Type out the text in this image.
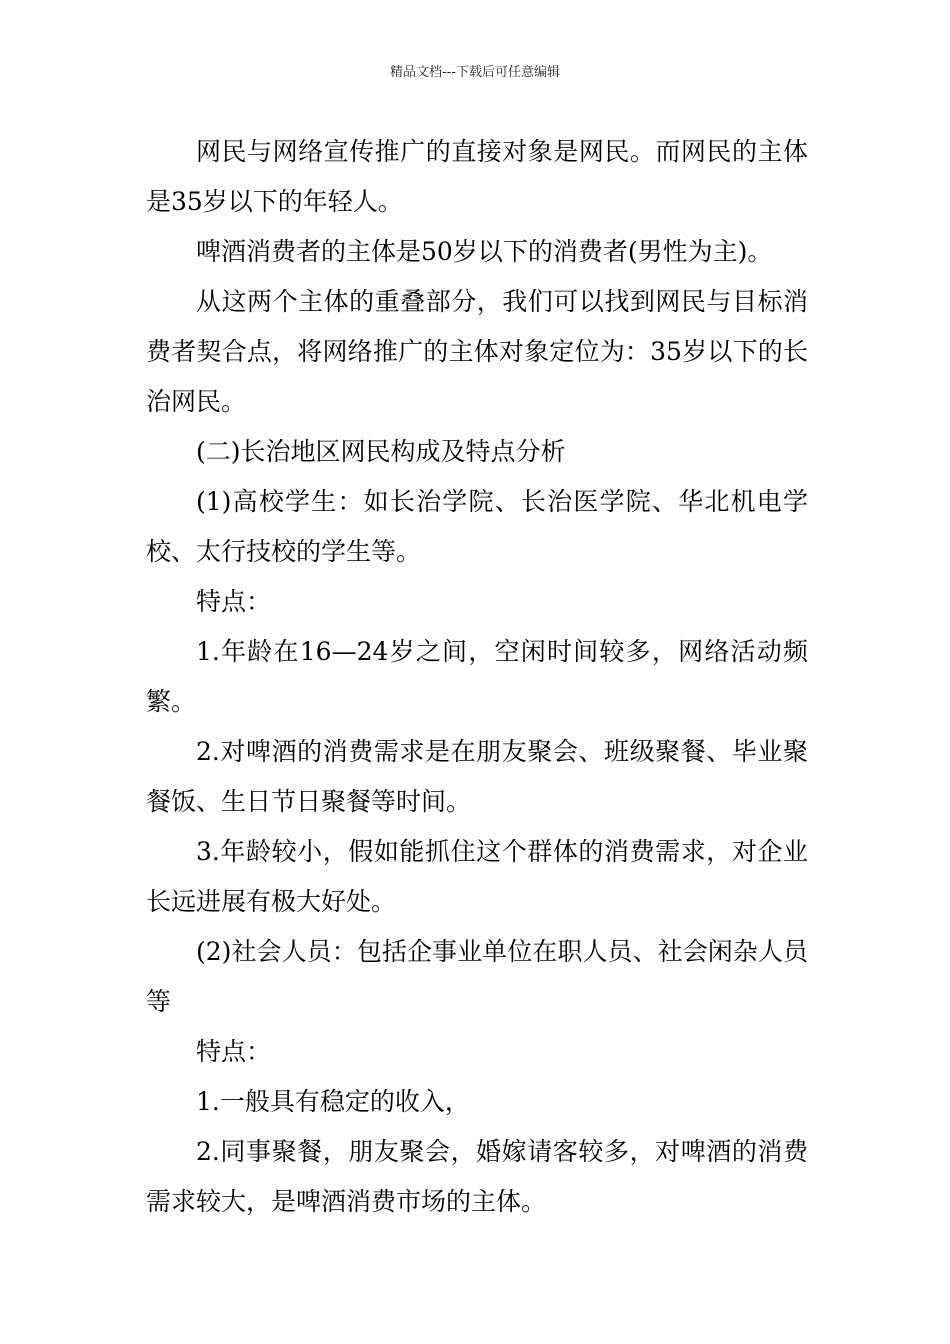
精品文档---下载后可任意编辑

网民与网络宣传推广的直接对象是网民。而网民的主体是35岁以下的年轻人。

啤酒消费者的主体是50岁以下的消费者(男性为主)。

从这两个主体的重叠部分，我们可以找到网民与目标消费者契合点，将网络推广的主体对象定位为：35岁以下的长治网民。

(二)长治地区网民构成及特点分析

(1)高校学生：如长治学院、长治医学院、华北机电学校、太行技校的学生等。

特点：

1.年龄在16—24岁之间，空闲时间较多，网络活动频繁。

2.对啤酒的消费需求是在朋友聚会、班级聚餐、毕业聚餐饭、生日节日聚餐等时间。

3.年龄较小，假如能抓住这个群体的消费需求，对企业长远进展有极大好处。

(2)社会人员：包括企事业单位在职人员、社会闲杂人员等

特点：

1.一般具有稳定的收入，

2.同事聚餐，朋友聚会，婚嫁请客较多，对啤酒的消费需求较大，是啤酒消费市场的主体。
